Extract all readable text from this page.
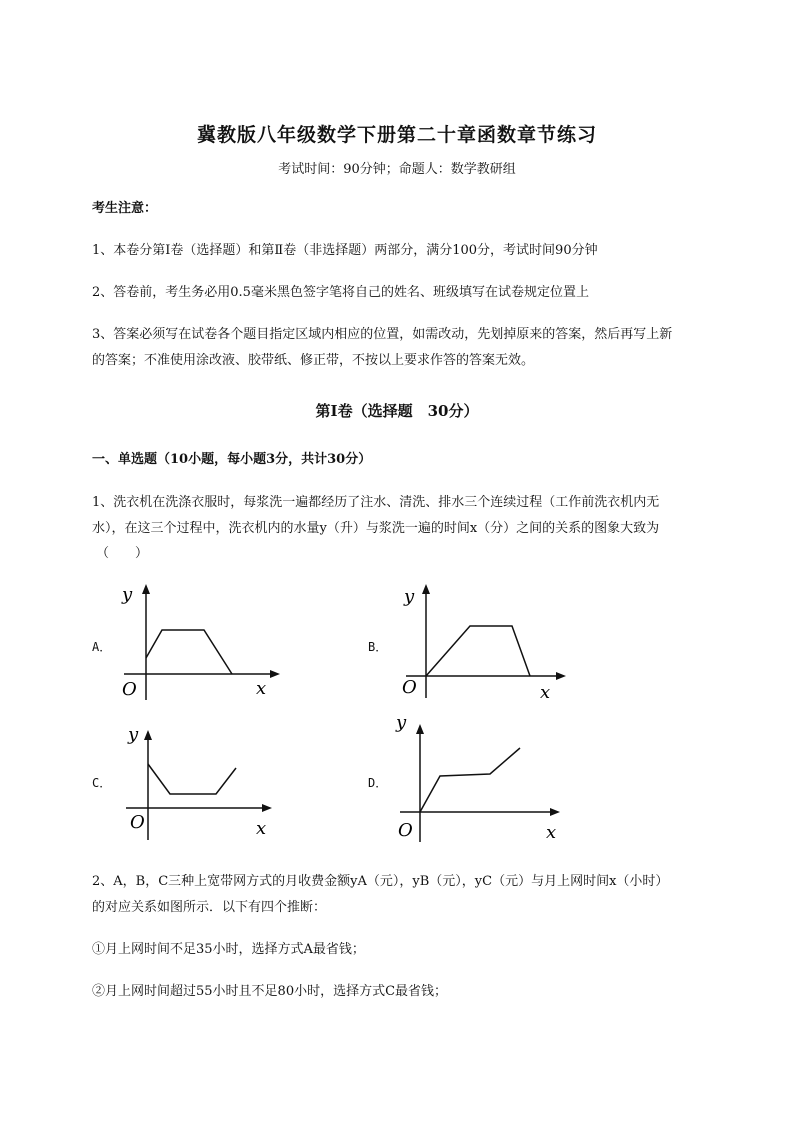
冀教版八年级数学下册第二十章函数章节练习
考试时间：90分钟；命题人：数学教研组
考生注意：
1、本卷分第I卷（选择题）和第Ⅱ卷（非选择题）两部分，满分100分，考试时间90分钟
2、答卷前，考生务必用0.5毫米黑色签字笔将自己的姓名、班级填写在试卷规定位置上
3、答案必须写在试卷各个题目指定区域内相应的位置，如需改动，先划掉原来的答案，然后再写上新
的答案；不准使用涂改液、胶带纸、修正带，不按以上要求作答的答案无效。
第I卷（选择题　30分）
一、单选题（10小题，每小题3分，共计30分）
1、洗衣机在洗涤衣服时，每浆洗一遍都经历了注水、清洗、排水三个连续过程（工作前洗衣机内无
水），在这三个过程中，洗衣机内的水量y（升）与浆洗一遍的时间x（分）之间的关系的图象大致为
（　　）
A．
y
O	x
B．
y
O	x
C．
y
O	x
D．
y
O	x
2、A，B，C三种上宽带网方式的月收费金额yA（元），yB（元），yC（元）与月上网时间x（小时）
的对应关系如图所示．以下有四个推断：
①月上网时间不足35小时，选择方式A最省钱；
②月上网时间超过55小时且不足80小时，选择方式C最省钱；
